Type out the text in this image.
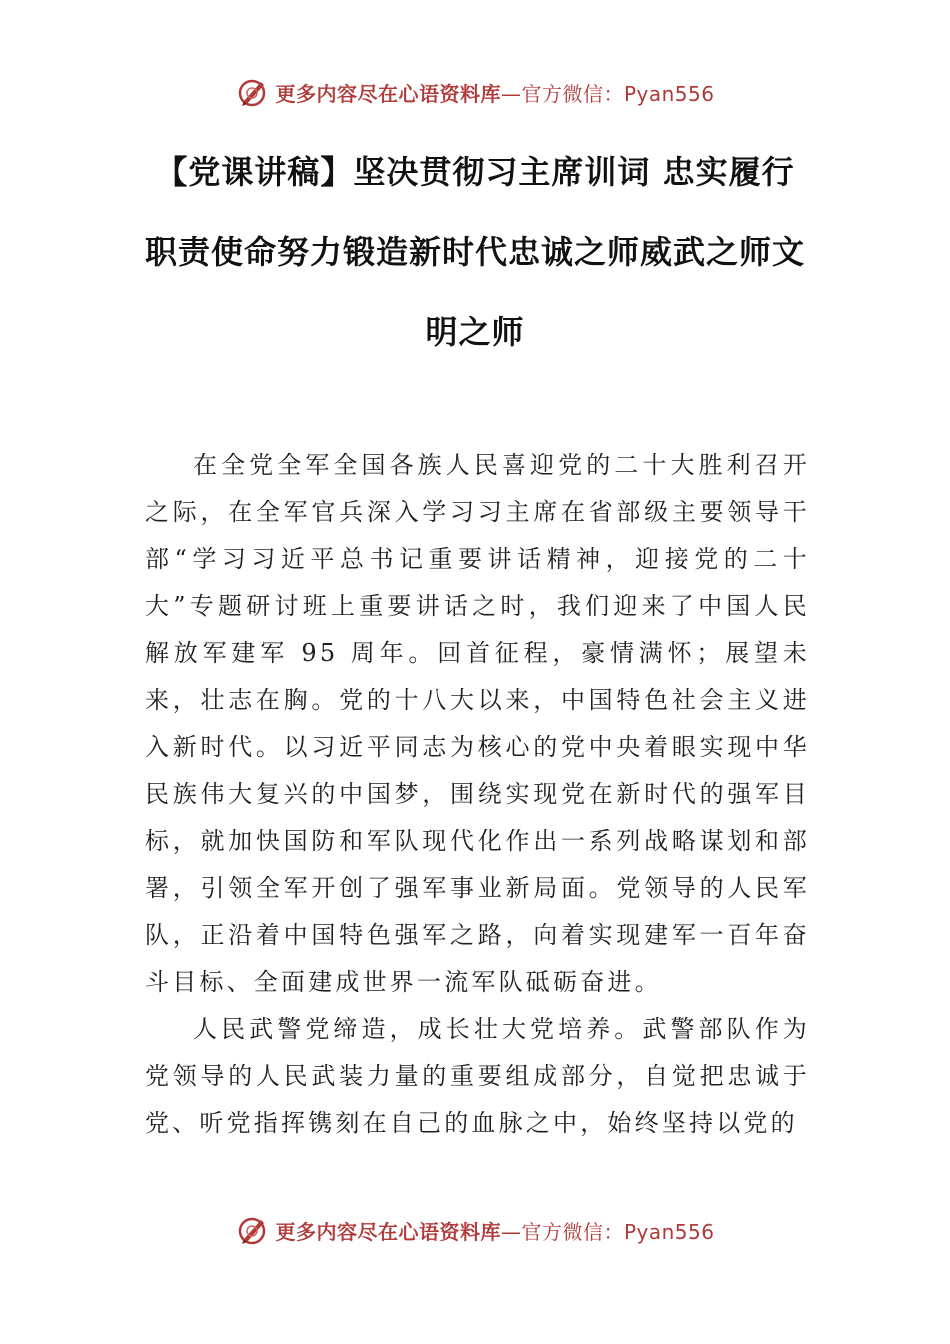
更多内容尽在心语资料库—官方微信：Pyan556
【党课讲稿】坚决贯彻习主席训词 忠实履行职责使命努力锻造新时代忠诚之师威武之师文明之师

在全党全军全国各族人民喜迎党的二十大胜利召开之际，在全军官兵深入学习习主席在省部级主要领导干部“学习习近平总书记重要讲话精神，迎接党的二十大”专题研讨班上重要讲话之时，我们迎来了中国人民解放军建军 95 周年。回首征程，豪情满怀；展望未来，壮志在胸。党的十八大以来，中国特色社会主义进入新时代。以习近平同志为核心的党中央着眼实现中华民族伟大复兴的中国梦，围绕实现党在新时代的强军目标，就加快国防和军队现代化作出一系列战略谋划和部署，引领全军开创了强军事业新局面。党领导的人民军队，正沿着中国特色强军之路，向着实现建军一百年奋斗目标、全面建成世界一流军队砥砺奋进。

人民武警党缔造，成长壮大党培养。武警部队作为党领导的人民武装力量的重要组成部分，自觉把忠诚于党、听党指挥镌刻在自己的血脉之中，始终坚持以党的

更多内容尽在心语资料库—官方微信：Pyan556
